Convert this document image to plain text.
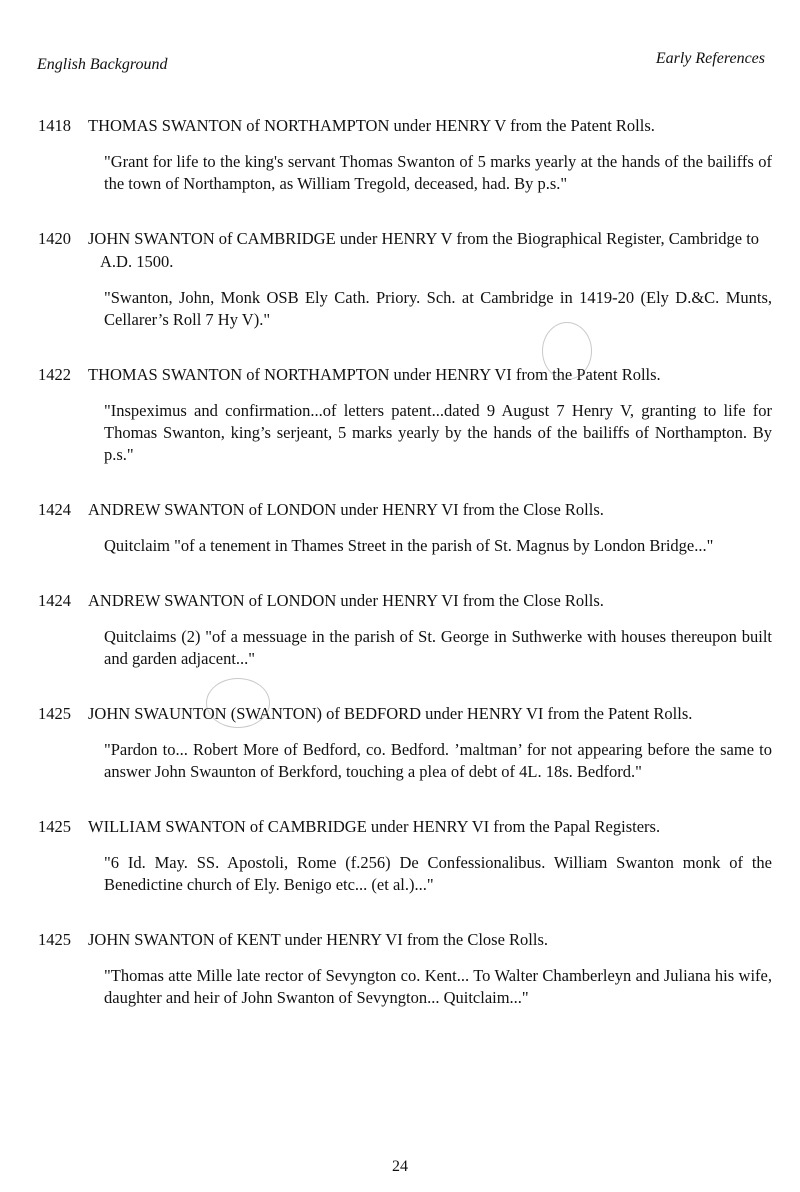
English Background	Early References
1418 THOMAS SWANTON of NORTHAMPTON under HENRY V from the Patent Rolls.
"Grant for life to the king's servant Thomas Swanton of 5 marks yearly at the hands of the bailiffs of the town of Northampton, as William Tregold, deceased, had. By p.s."
1420 JOHN SWANTON of CAMBRIDGE under HENRY V from the Biographical Register, Cambridge to A.D. 1500.
"Swanton, John, Monk OSB Ely Cath. Priory. Sch. at Cambridge in 1419-20 (Ely D.&C. Munts, Cellarer’s Roll 7 Hy V)."
1422 THOMAS SWANTON of NORTHAMPTON under HENRY VI from the Patent Rolls.
"Inspeximus and confirmation...of letters patent...dated 9 August 7 Henry V, granting to life for Thomas Swanton, king’s serjeant, 5 marks yearly by the hands of the bailiffs of Northampton. By p.s."
1424 ANDREW SWANTON of LONDON under HENRY VI from the Close Rolls.
Quitclaim "of a tenement in Thames Street in the parish of St. Magnus by London Bridge..."
1424 ANDREW SWANTON of LONDON under HENRY VI from the Close Rolls.
Quitclaims (2) "of a messuage in the parish of St. George in Suthwerke with houses thereupon built and garden adjacent..."
1425 JOHN SWAUNTON (SWANTON) of BEDFORD under HENRY VI from the Patent Rolls.
"Pardon to... Robert More of Bedford, co. Bedford. ’maltman’ for not appearing before the same to answer John Swaunton of Berkford, touching a plea of debt of 4L. 18s. Bedford."
1425 WILLIAM SWANTON of CAMBRIDGE under HENRY VI from the Papal Registers.
"6 Id. May. SS. Apostoli, Rome (f.256) De Confessionalibus. William Swanton monk of the Benedictine church of Ely. Benigo etc... (et al.)..."
1425 JOHN SWANTON of KENT under HENRY VI from the Close Rolls.
"Thomas atte Mille late rector of Sevyngton co. Kent... To Walter Chamberleyn and Juliana his wife, daughter and heir of John Swanton of Sevyngton... Quitclaim..."
24
